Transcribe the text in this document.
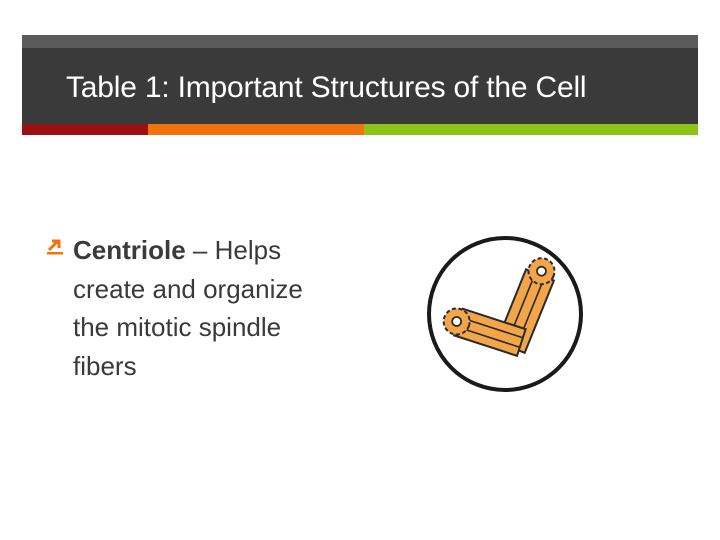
Table 1: Important Structures of the Cell
Centriole – Helps create and organize the mitotic spindle fibers
